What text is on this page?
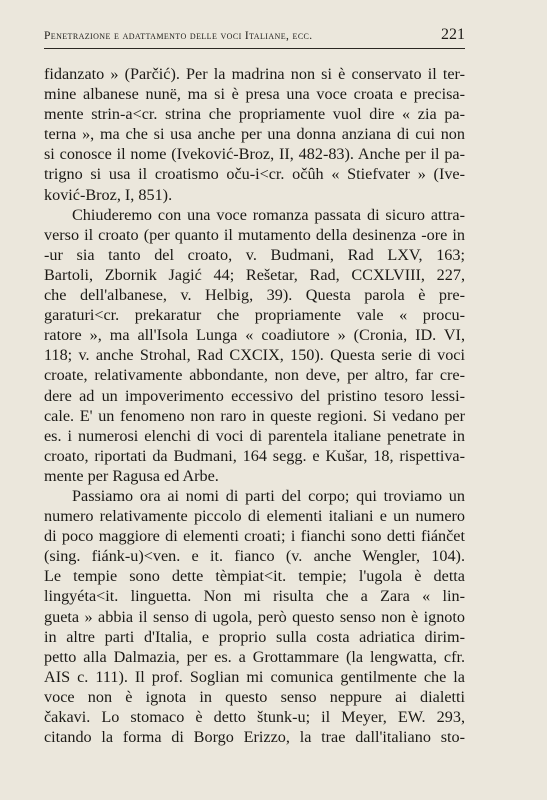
Penetrazione e adattamento delle voci Italiane, ecc.	221

fidanzato » (Parčić). Per la madrina non si è conservato il ter-
mine albanese nunë, ma si è presa una voce croata e precisa-
mente strin-a<cr. strina che propriamente vuol dire « zia pa-
terna », ma che si usa anche per una donna anziana di cui non
si conosce il nome (Iveković-Broz, II, 482-83). Anche per il pa-
trigno si usa il croatismo oču-i<cr. očûh « Stiefvater » (Ive-
ković-Broz, I, 851).

Chiuderemo con una voce romanza passata di sicuro attra-
verso il croato (per quanto il mutamento della desinenza -ore in
-ur sia tanto del croato, v. Budmani, Rad LXV, 163;
Bartoli, Zbornik Jagić 44; Rešetar, Rad, CCXLVIII, 227,
che dell'albanese, v. Helbig, 39). Questa parola è pre-
garaturi<cr. prekaratur che propriamente vale « procu-
ratore », ma all'Isola Lunga « coadiutore » (Cronia, ID. VI,
118; v. anche Strohal, Rad CXCIX, 150). Questa serie di voci
croate, relativamente abbondante, non deve, per altro, far cre-
dere ad un impoverimento eccessivo del pristino tesoro lessi-
cale. E' un fenomeno non raro in queste regioni. Si vedano per
es. i numerosi elenchi di voci di parentela italiane penetrate in
croato, riportati da Budmani, 164 segg. e Kušar, 18, rispettiva-
mente per Ragusa ed Arbe.

Passiamo ora ai nomi di parti del corpo; qui troviamo un
numero relativamente piccolo di elementi italiani e un numero
di poco maggiore di elementi croati; i fianchi sono detti fiánčet
(sing. fiánk-u)<ven. e it. fianco (v. anche Wengler, 104).
Le tempie sono dette tèmpiat<it. tempie; l'ugola è detta
lingyéta<it. linguetta. Non mi risulta che a Zara « lin-
gueta » abbia il senso di ugola, però questo senso non è ignoto
in altre parti d'Italia, e proprio sulla costa adriatica dirim-
petto alla Dalmazia, per es. a Grottammare (la lengwatta, cfr.
AIS c. 111). Il prof. Soglian mi comunica gentilmente che la
voce non è ignota in questo senso neppure ai dialetti
čakavi. Lo stomaco è detto štunk-u; il Meyer, EW. 293,
citando la forma di Borgo Erizzo, la trae dall'italiano sto-
